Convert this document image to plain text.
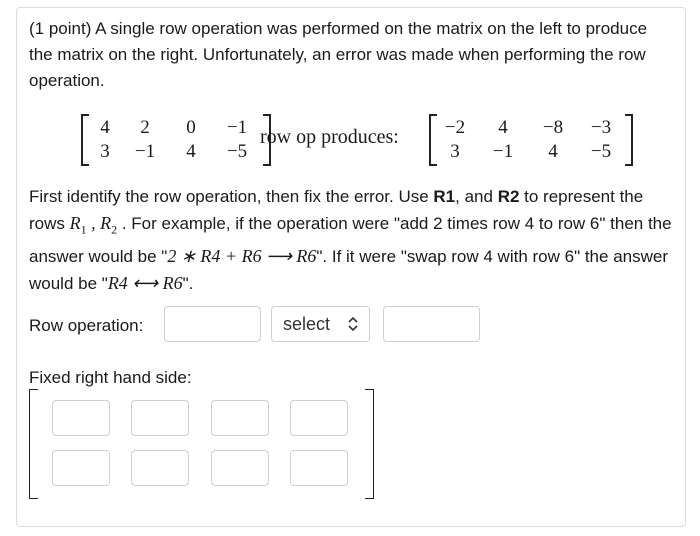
(1 point) A single row operation was performed on the matrix on the left to produce the matrix on the right. Unfortunately, an error was made when performing the row operation.
4	2	0	−1
3	−1	4	−5
row op produces:	−2	4	−8	−3
3	−1	4	−5
First identify the row operation, then fix the error. Use R1, and R2 to represent the rows $R_1$ , $R_2$ . For example, if the operation were "add 2 times row 4 to row 6" then the answer would be "2 ∗ R4 + R6 ⟶ R6". If it were "swap row 4 with row 6" the answer would be "R4 ⟷ R6".
Row operation:	select
Fixed right hand side:
